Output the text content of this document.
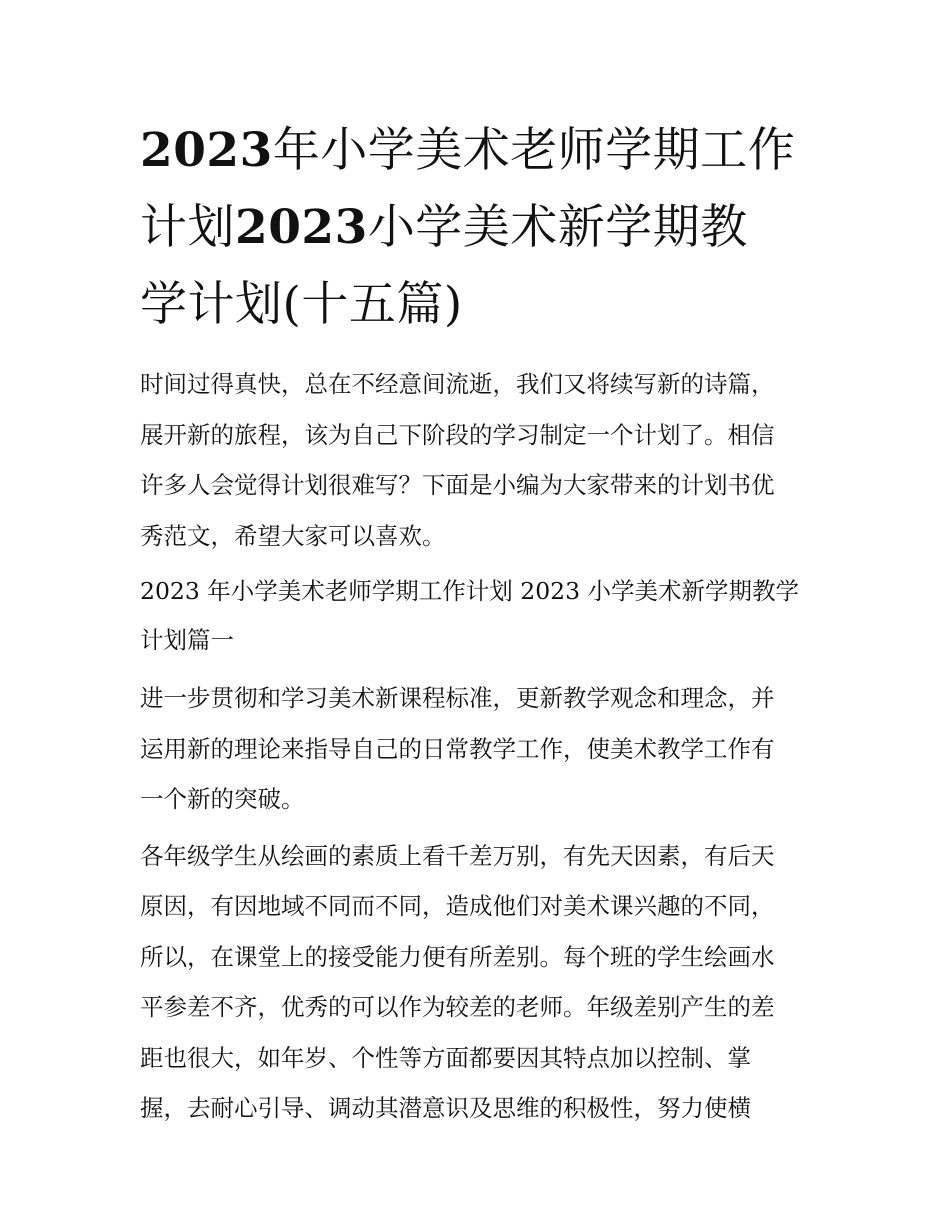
2023年小学美术老师学期工作
计划2023小学美术新学期教
学计划(十五篇)

时间过得真快，总在不经意间流逝，我们又将续写新的诗篇，
展开新的旅程，该为自己下阶段的学习制定一个计划了。相信
许多人会觉得计划很难写？下面是小编为大家带来的计划书优
秀范文，希望大家可以喜欢。

2023 年小学美术老师学期工作计划 2023 小学美术新学期教学
计划篇一

进一步贯彻和学习美术新课程标准，更新教学观念和理念，并
运用新的理论来指导自己的日常教学工作，使美术教学工作有
一个新的突破。

各年级学生从绘画的素质上看千差万别，有先天因素，有后天
原因，有因地域不同而不同，造成他们对美术课兴趣的不同，
所以，在课堂上的接受能力便有所差别。每个班的学生绘画水
平参差不齐，优秀的可以作为较差的老师。年级差别产生的差
距也很大，如年岁、个性等方面都要因其特点加以控制、掌
握，去耐心引导、调动其潜意识及思维的积极性，努力使横
